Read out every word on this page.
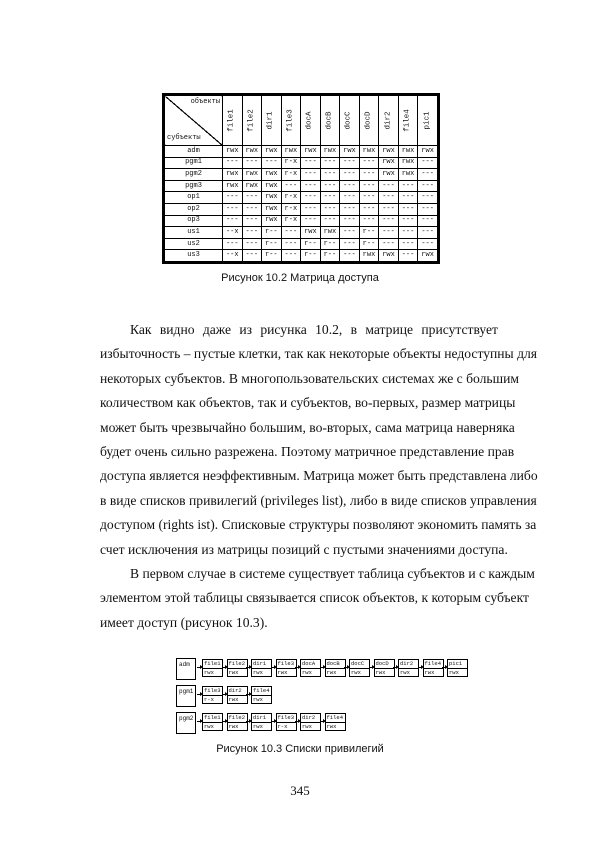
объекты
субъекты	file1	file2	dir1	file3	docA	docB	docC	docD	dir2	file4	pic1

adm	rwx	rwx	rwx	rwx	rwx	rwx	rwx	rwx	rwx	rwx	rwx
pgm1	---	---	---	r-x	---	---	---	---	rwx	rwx	---
pgm2	rwx	rwx	rwx	r-x	---	---	---	---	rwx	rwx	---
pgm3	rwx	rwx	rwx	---	---	---	---	---	---	---	---
op1	---	---	rwx	r-x	---	---	---	---	---	---	---
op2	---	---	rwx	r-x	---	---	---	---	---	---	---
op3	---	---	rwx	r-x	---	---	---	---	---	---	---
us1	--x	---	r--	---	rwx	rwx	---	r--	---	---	---
us2	---	---	r--	---	r--	r--	---	r--	---	---	---
us3	--x	---	r--	---	r--	r--	---	rwx	rwx	---	rwx
Рисунок 10.2 Матрица доступа

Как видно даже из рисунка 10.2, в матрице присутствует
избыточность – пустые клетки, так как некоторые объекты недоступны для
некоторых субъектов. В многопользовательских системах же с большим
количеством как объектов, так и субъектов, во-первых, размер матрицы
может быть чрезвычайно большим, во-вторых, сама матрица наверняка
будет очень сильно разрежена. Поэтому матричное представление прав
доступа является неэффективным. Матрица может быть представлена либо
в виде списков привилегий (privileges list), либо в виде списков управления
доступом (rights ist). Списковые структуры позволяют экономить память за
счет исключения из матрицы позиций с пустыми значениями доступа.

В первом случае в системе существует таблица субъектов и с каждым
элементом этой таблицы связывается список объектов, к которым субъект
имеет доступ (рисунок 10.3).

adm	file1
rwx
file2
rwx
dir1
rwx
file3
rwx
docA
rwx
docB
rwx
docC
rwx
docD
rwx
dir2
rwx
file4
rwx
pic1
rwx
pgm1	file3
r-x
dir2
rwx
file4
rwx
pgm2	file1
rwx
file2
rwx
dir1
rwx
file3
r-x
dir2
rwx
file4
rwx
Рисунок 10.3 Списки привилегий
345
